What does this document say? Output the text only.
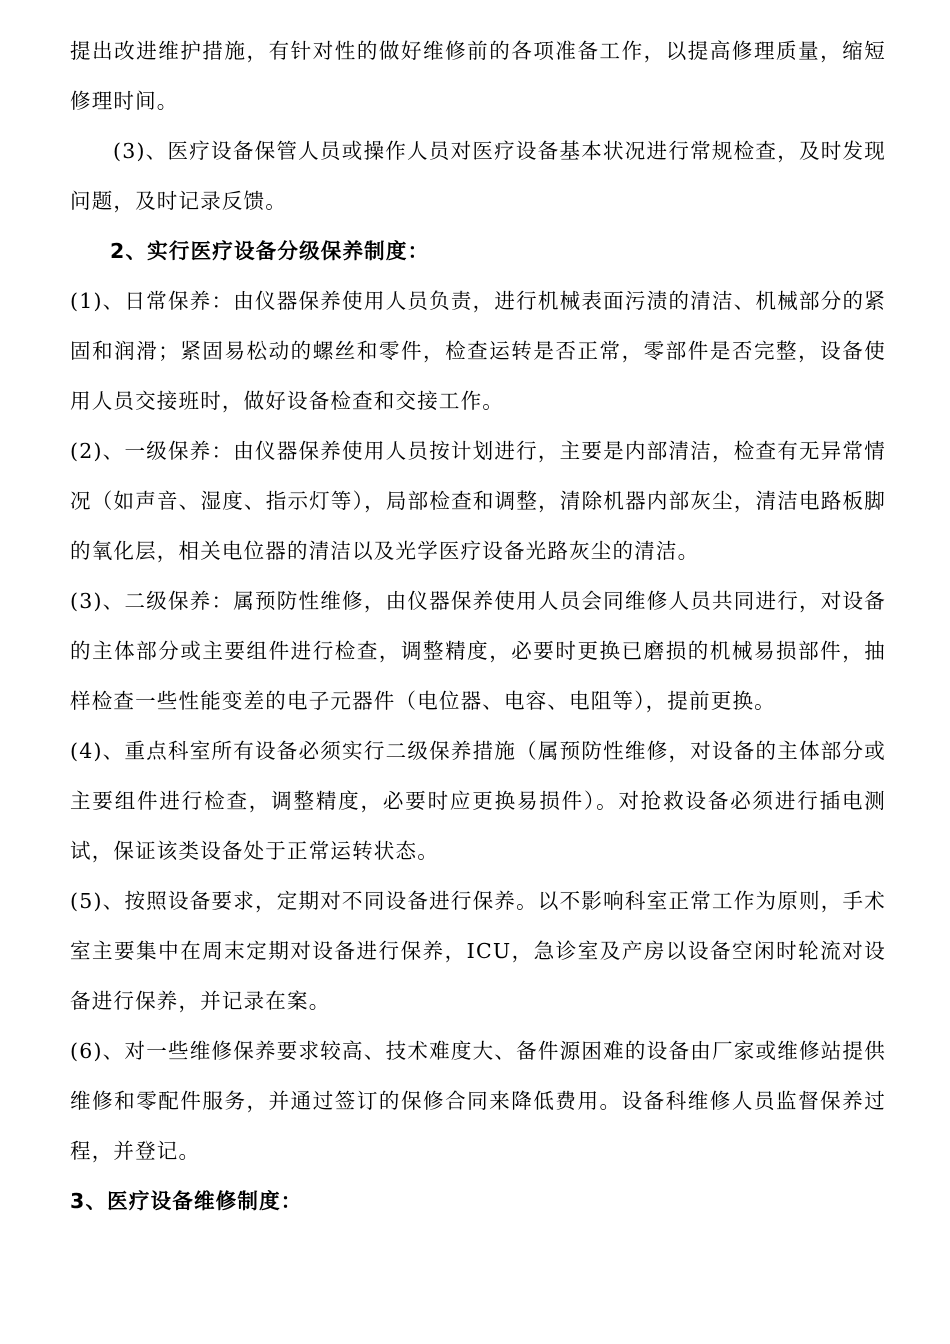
提出改进维护措施，有针对性的做好维修前的各项准备工作，以提高修理质量，缩短修理时间。

(3)、医疗设备保管人员或操作人员对医疗设备基本状况进行常规检查，及时发现问题，及时记录反馈。

2、实行医疗设备分级保养制度：

(1)、日常保养：由仪器保养使用人员负责，进行机械表面污渍的清洁、机械部分的紧固和润滑；紧固易松动的螺丝和零件，检查运转是否正常，零部件是否完整，设备使用人员交接班时，做好设备检查和交接工作。

(2)、一级保养：由仪器保养使用人员按计划进行，主要是内部清洁，检查有无异常情况（如声音、湿度、指示灯等），局部检查和调整，清除机器内部灰尘，清洁电路板脚的氧化层，相关电位器的清洁以及光学医疗设备光路灰尘的清洁。

(3)、二级保养：属预防性维修，由仪器保养使用人员会同维修人员共同进行，对设备的主体部分或主要组件进行检查，调整精度，必要时更换已磨损的机械易损部件，抽样检查一些性能变差的电子元器件（电位器、电容、电阻等），提前更换。

(4)、重点科室所有设备必须实行二级保养措施（属预防性维修，对设备的主体部分或主要组件进行检查，调整精度，必要时应更换易损件）。对抢救设备必须进行插电测试，保证该类设备处于正常运转状态。

(5)、按照设备要求，定期对不同设备进行保养。以不影响科室正常工作为原则，手术室主要集中在周末定期对设备进行保养，ICU，急诊室及产房以设备空闲时轮流对设备进行保养，并记录在案。

(6)、对一些维修保养要求较高、技术难度大、备件源困难的设备由厂家或维修站提供维修和零配件服务，并通过签订的保修合同来降低费用。设备科维修人员监督保养过程，并登记。

3、医疗设备维修制度：
